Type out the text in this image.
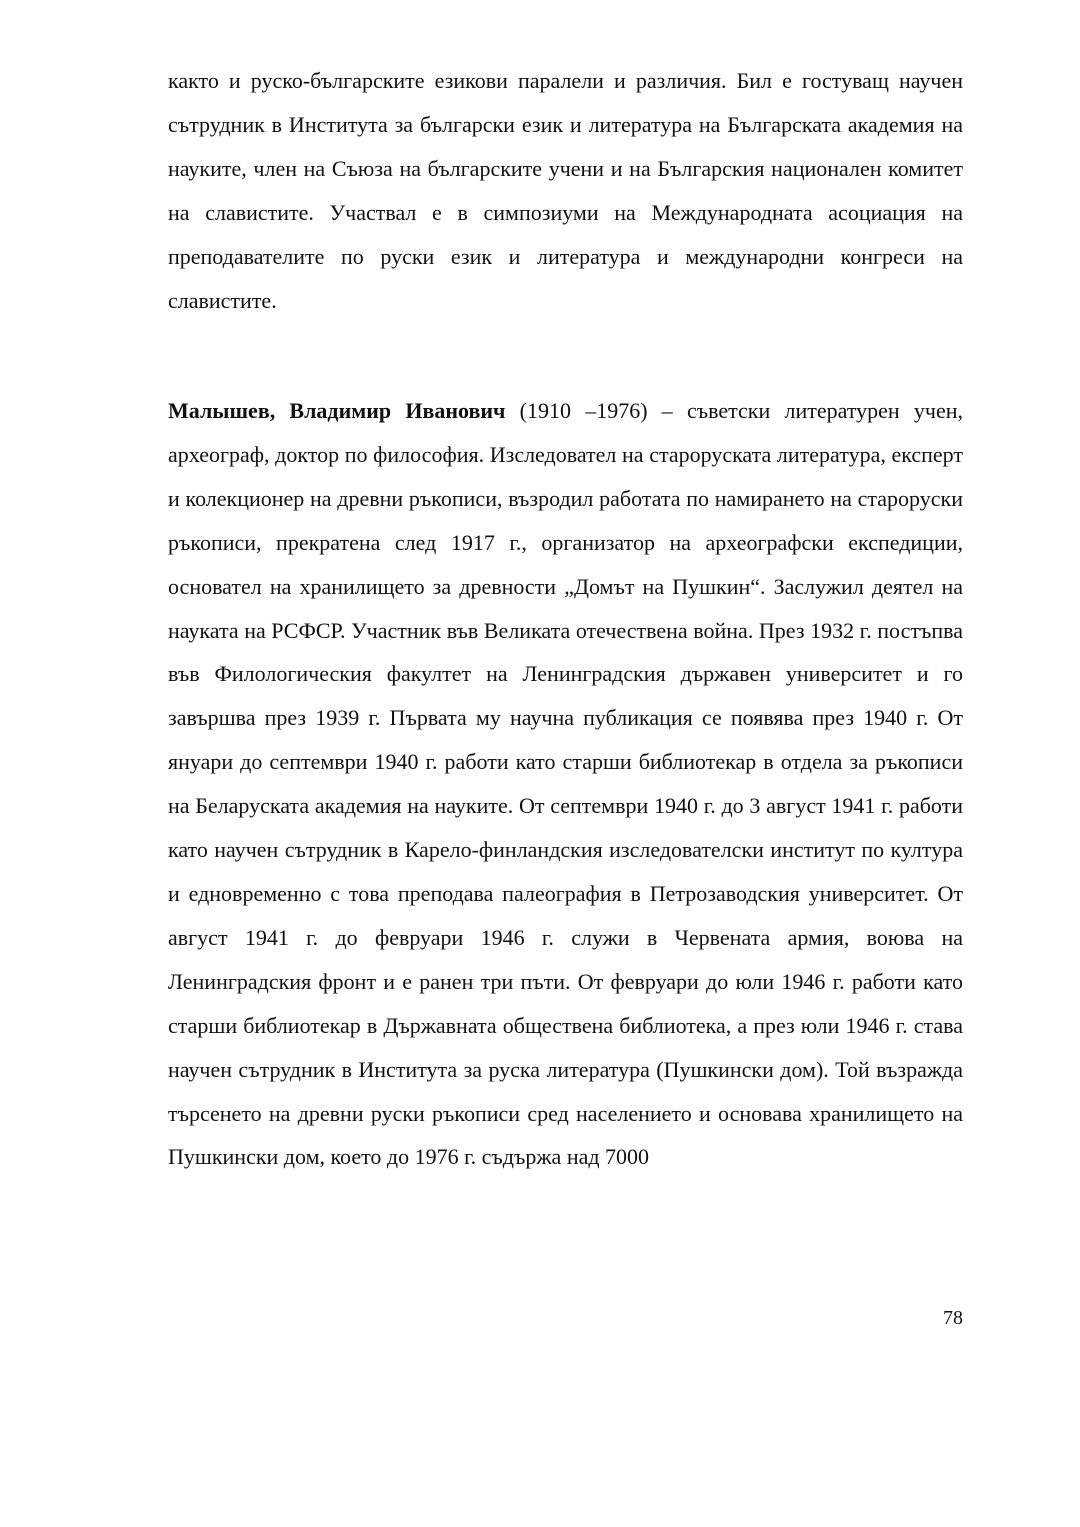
както и руско-българските езикови паралели и различия. Бил е гостуващ научен сътрудник в Института за български език и литература на Българската академия на науките, член на Съюза на българските учени и на Българския национален комитет на славистите. Участвал е в симпозиуми на Международната асоциация на преподавателите по руски език и литература и международни конгреси на славистите.

Малышев, Владимир Иванович (1910 –1976) – съветски литературен учен, археограф, доктор по философия. Изследовател на староруската литература, експерт и колекционер на древни ръкописи, възродил работата по намирането на староруски ръкописи, прекратена след 1917 г., организатор на археографски експедиции, основател на хранилището за древности „Домът на Пушкин“. Заслужил деятел на науката на РСФСР. Участник във Великата отечествена война. През 1932 г. постъпва във Филологическия факултет на Ленинградския държавен университет и го завършва през 1939 г. Първата му научна публикация се появява през 1940 г. От януари до септември 1940 г. работи като старши библиотекар в отдела за ръкописи на Беларуската академия на науките. От септември 1940 г. до 3 август 1941 г. работи като научен сътрудник в Карело-финландския изследователски институт по култура и едновременно с това преподава палеография в Петрозаводския университет. От август 1941 г. до февруари 1946 г. служи в Червената армия, воюва на Ленинградския фронт и е ранен три пъти. От февруари до юли 1946 г. работи като старши библиотекар в Държавната обществена библиотека, а през юли 1946 г. става научен сътрудник в Института за руска литература (Пушкински дом). Той възражда търсенето на древни руски ръкописи сред населението и основава хранилището на Пушкински дом, което до 1976 г. съдържа над 7000

78
